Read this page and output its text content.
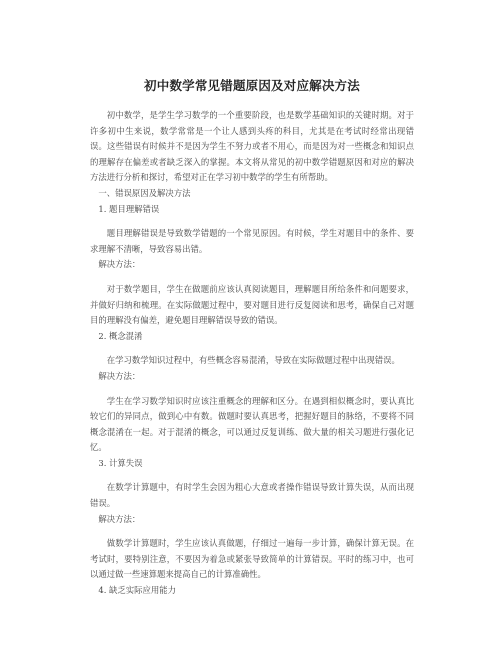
初中数学常见错题原因及对应解决方法

初中数学，是学生学习数学的一个重要阶段，也是数学基础知识的关键时期。对于许多初中生来说，数学常常是一个让人感到头疼的科目，尤其是在考试时经常出现错误。这些错误有时候并不是因为学生不努力或者不用心，而是因为对一些概念和知识点的理解存在偏差或者缺乏深入的掌握。本文将从常见的初中数学错题原因和对应的解决方法进行分析和探讨，希望对正在学习初中数学的学生有所帮助。

一、错误原因及解决方法

1. 题目理解错误

题目理解错误是导致数学错题的一个常见原因。有时候，学生对题目中的条件、要求理解不清晰，导致容易出错。

解决方法：

对于数学题目，学生在做题前应该认真阅读题目，理解题目所给条件和问题要求，并做好归纳和梳理。在实际做题过程中，要对题目进行反复阅读和思考，确保自己对题目的理解没有偏差，避免题目理解错误导致的错误。

2. 概念混淆

在学习数学知识过程中，有些概念容易混淆，导致在实际做题过程中出现错误。

解决方法：

学生在学习数学知识时应该注重概念的理解和区分。在遇到相似概念时，要认真比较它们的异同点，做到心中有数。做题时要认真思考，把握好题目的脉络，不要将不同概念混淆在一起。对于混淆的概念，可以通过反复训练、做大量的相关习题进行强化记忆。

3. 计算失误

在数学计算题中，有时学生会因为粗心大意或者操作错误导致计算失误，从而出现错误。

解决方法：

做数学计算题时，学生应该认真做题，仔细过一遍每一步计算，确保计算无误。在考试时，要特别注意，不要因为着急或紧张导致简单的计算错误。平时的练习中，也可以通过做一些速算题来提高自己的计算准确性。

4. 缺乏实际应用能力
